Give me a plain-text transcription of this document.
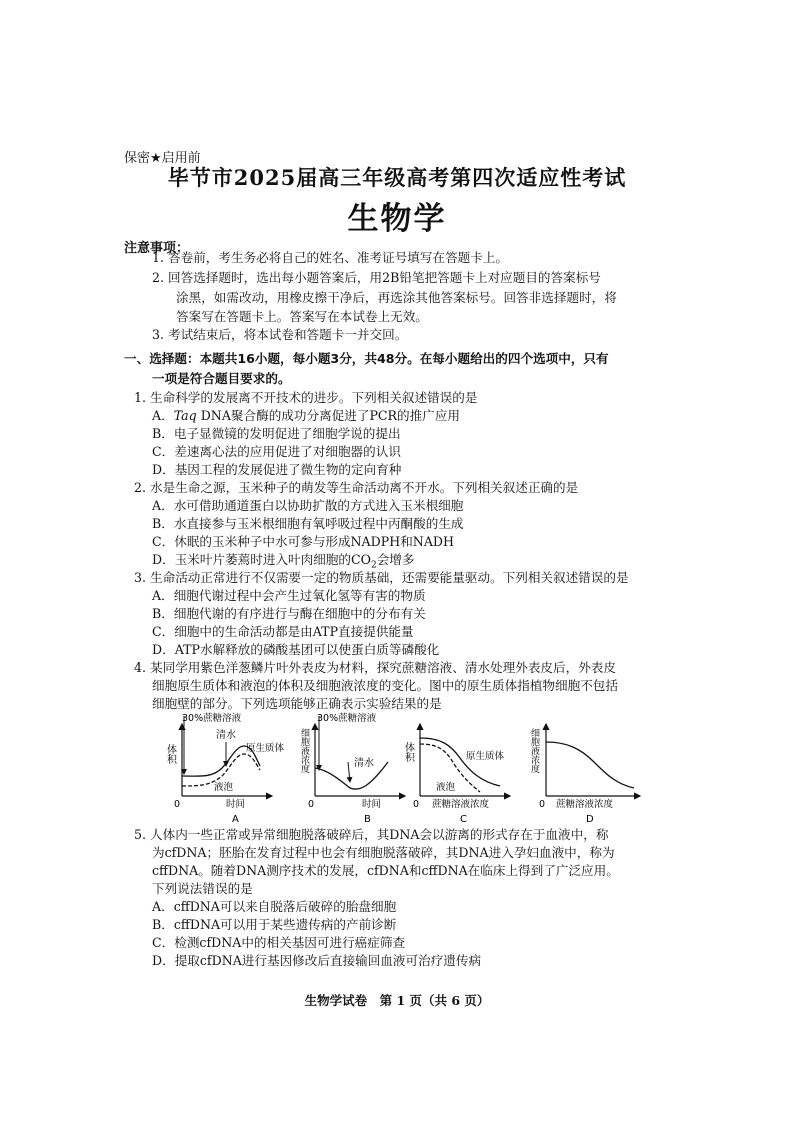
保密★启用前
毕节市2025届高三年级高考第四次适应性考试
生物学
注意事项：
1. 答卷前，考生务必将自己的姓名、准考证号填写在答题卡上。
2. 回答选择题时，选出每小题答案后，用2B铅笔把答题卡上对应题目的答案标号
涂黑，如需改动，用橡皮擦干净后，再选涂其他答案标号。回答非选择题时，将
答案写在答题卡上。答案写在本试卷上无效。
3. 考试结束后，将本试卷和答题卡一并交回。
一、选择题：本题共16小题，每小题3分，共48分。在每小题给出的四个选项中，只有
一项是符合题目要求的。
1. 生命科学的发展离不开技术的进步。下列相关叙述错误的是
A．Taq DNA聚合酶的成功分离促进了PCR的推广应用
B．电子显微镜的发明促进了细胞学说的提出
C．差速离心法的应用促进了对细胞器的认识
D．基因工程的发展促进了微生物的定向育种
2. 水是生命之源，玉米种子的萌发等生命活动离不开水。下列相关叙述正确的是
A．水可借助通道蛋白以协助扩散的方式进入玉米根细胞
B．水直接参与玉米根细胞有氧呼吸过程中丙酮酸的生成
C．休眠的玉米种子中水可参与形成NADPH和NADH
D．玉米叶片萎蔫时进入叶肉细胞的$CO_2$会增多
3. 生命活动正常进行不仅需要一定的物质基础，还需要能量驱动。下列相关叙述错误的是
A．细胞代谢过程中会产生过氧化氢等有害的物质
B．细胞代谢的有序进行与酶在细胞中的分布有关
C．细胞中的生命活动都是由ATP直接提供能量
D．ATP水解释放的磷酸基团可以使蛋白质等磷酸化
4. 某同学用紫色洋葱鳞片叶外表皮为材料，探究蔗糖溶液、清水处理外表皮后，外表皮
细胞原生质体和液泡的体积及细胞液浓度的变化。图中的原生质体指植物细胞不包括
细胞壁的部分。下列选项能够正确表示实验结果的是
30%蔗糖溶液
清水
原生质体
液泡
体积
0	时间
A
30%蔗糖溶液
清水
细胞液浓度
0	时间
B
原生质体
液泡
体积
0 蔗糖溶液浓度
C
细胞液浓度
0 蔗糖溶液浓度
D
5. 人体内一些正常或异常细胞脱落破碎后，其DNA会以游离的形式存在于血液中，称
为cfDNA；胚胎在发育过程中也会有细胞脱落破碎，其DNA进入孕妇血液中，称为
cffDNA。随着DNA测序技术的发展，cfDNA和cffDNA在临床上得到了广泛应用。
下列说法错误的是
A．cffDNA可以来自脱落后破碎的胎盘细胞
B．cffDNA可以用于某些遗传病的产前诊断
C．检测cfDNA中的相关基因可进行癌症筛查
D．提取cfDNA进行基因修改后直接输回血液可治疗遗传病
生物学试卷　第 1 页（共 6 页）
